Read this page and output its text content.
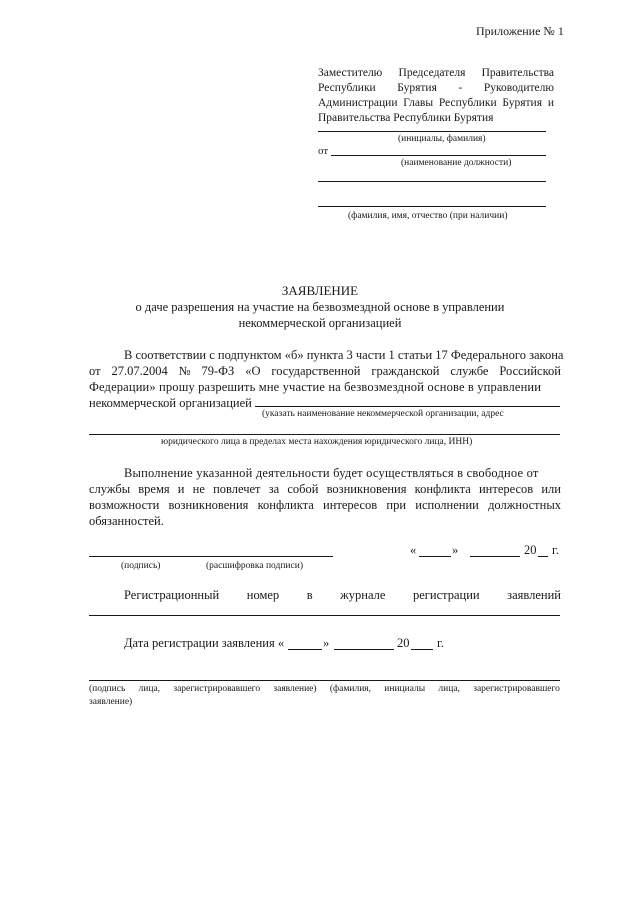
Приложение № 1
Заместителю Председателя Правительства
Республики Бурятия - Руководителю
Администрации Главы Республики Бурятия и
Правительства Республики Бурятия
(инициалы, фамилия)
от
(наименование должности)
(фамилия, имя, отчество (при наличии)
ЗАЯВЛЕНИЕ
о даче разрешения на участие на безвозмездной основе в управлении
некоммерческой организацией
В соответствии с подпунктом «б» пункта 3 части 1 статьи 17 Федерального закона
от 27.07.2004 № 79-ФЗ «О государственной гражданской службе Российской
Федерации» прошу разрешить мне участие на безвозмездной основе в управлении
некоммерческой организацией
(указать наименование некоммерческой организации, адрес
юридического лица в пределах места нахождения юридического лица, ИНН)
Выполнение указанной деятельности будет осуществляться в свободное от
службы время и не повлечет за собой возникновения конфликта интересов или
возможности возникновения конфликта интересов при исполнении должностных
обязанностей.
(подпись)	(расшифровка подписи)
«	»	20 г.
Регистрационный номер в журнале регистрации заявлений
Дата регистрации заявления «	»	20 г.
(подпись лица, зарегистрировавшего заявление) (фамилия, инициалы лица, зарегистрировавшего
заявление)
